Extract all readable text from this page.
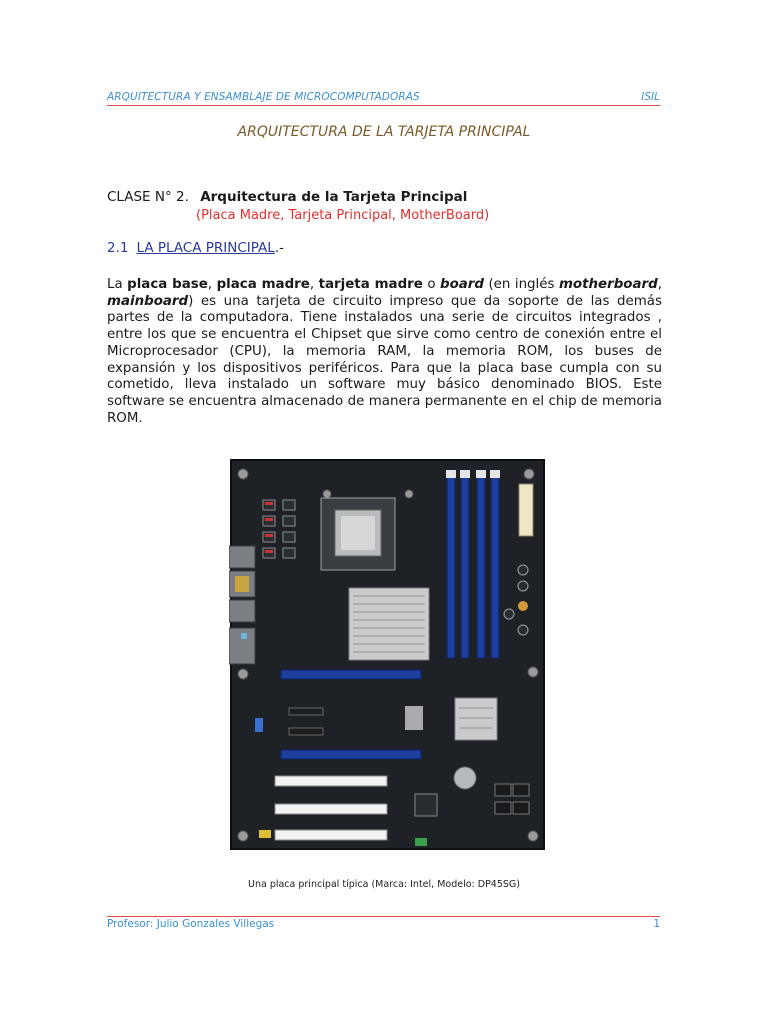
ARQUITECTURA Y ENSAMBLAJE DE MICROCOMPUTADORAS	ISIL
ARQUITECTURA DE LA TARJETA PRINCIPAL
CLASE N° 2. Arquitectura de la Tarjeta Principal
(Placa Madre, Tarjeta Principal, MotherBoard)
2.1 LA PLACA PRINCIPAL.-
La placa base, placa madre, tarjeta madre o board (en inglés motherboard, mainboard) es una tarjeta de circuito impreso que da soporte de las demás partes de la computadora. Tiene instalados una serie de circuitos integrados , entre los que se encuentra el Chipset que sirve como centro de conexión entre el Microprocesador (CPU), la memoria RAM, la memoria ROM, los buses de expansión y los dispositivos periféricos. Para que la placa base cumpla con su cometido, lleva instalado un software muy básico denominado BIOS. Este software se encuentra almacenado de manera permanente en el chip de memoria ROM.
Una placa principal típica (Marca: Intel, Modelo: DP45SG)
Profesor: Julio Gonzales Villegas	1
